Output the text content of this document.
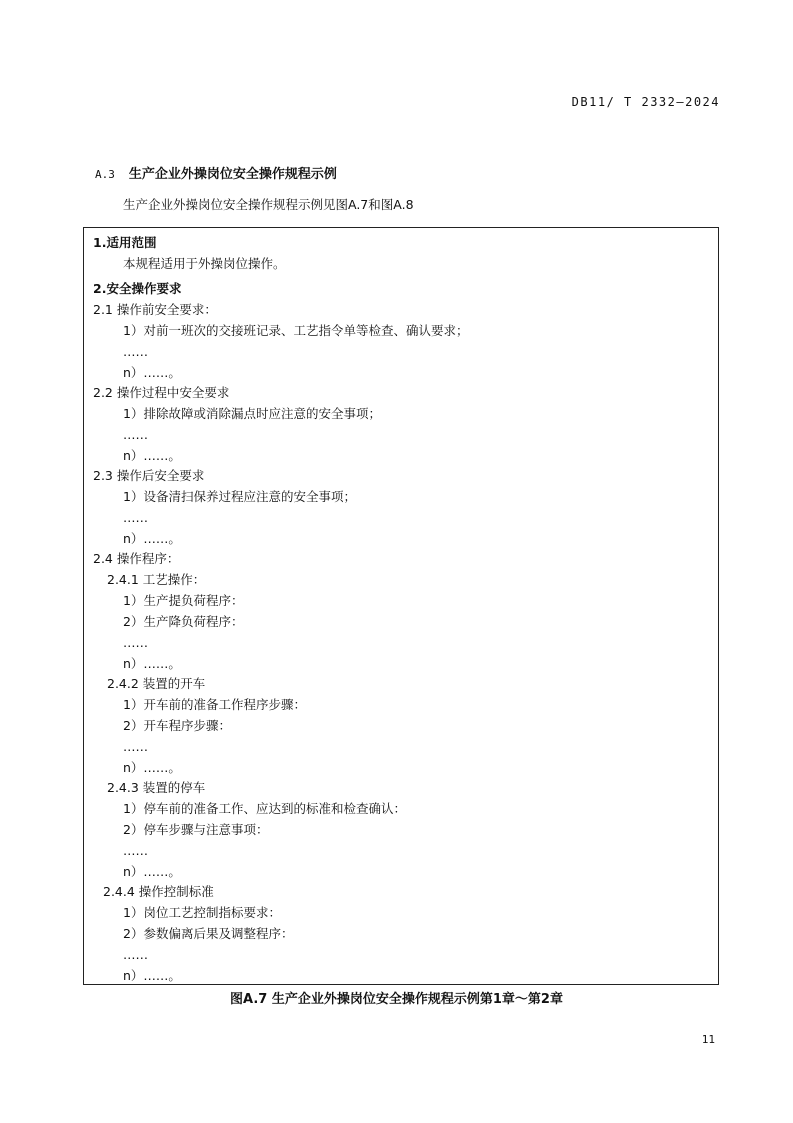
DB11/ T 2332—2024
A.3 生产企业外操岗位安全操作规程示例
生产企业外操岗位安全操作规程示例见图A.7和图A.8
1.适用范围
本规程适用于外操岗位操作。
2.安全操作要求
2.1 操作前安全要求：
1）对前一班次的交接班记录、工艺指令单等检查、确认要求；
……
n）……。
2.2 操作过程中安全要求
1）排除故障或消除漏点时应注意的安全事项；
……
n）……。
2.3 操作后安全要求
1）设备清扫保养过程应注意的安全事项；
……
n）……。
2.4 操作程序：
2.4.1 工艺操作：
1）生产提负荷程序：
2）生产降负荷程序：
……
n）……。
2.4.2 装置的开车
1）开车前的准备工作程序步骤：
2）开车程序步骤：
……
n）……。
2.4.3 装置的停车
1）停车前的准备工作、应达到的标准和检查确认：
2）停车步骤与注意事项：
……
n）……。
2.4.4 操作控制标准
1）岗位工艺控制指标要求：
2）参数偏离后果及调整程序：
……
n）……。
图A.7 生产企业外操岗位安全操作规程示例第1章～第2章
11
